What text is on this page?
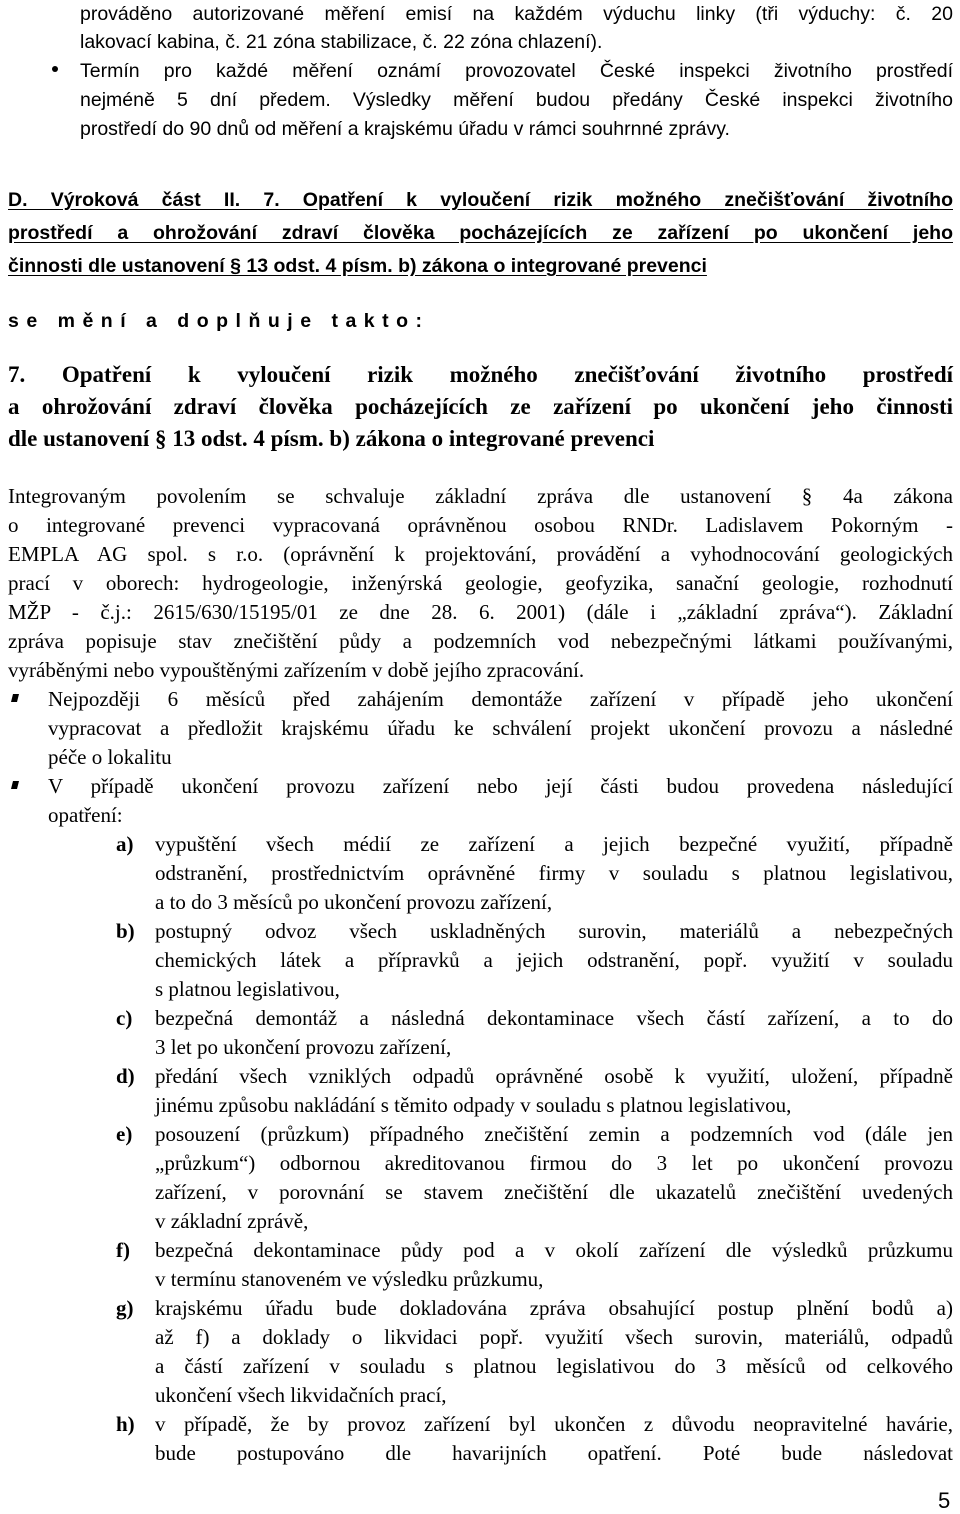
prováděno autorizované měření emisí na každém výduchu linky (tři výduchy: č. 20
lakovací kabina, č. 21 zóna stabilizace, č. 22 zóna chlazení).
Termín pro každé měření oznámí provozovatel České inspekci životního prostředí
nejméně 5 dní předem. Výsledky měření budou předány České inspekci životního
prostředí do 90 dnů od měření a krajskému úřadu v rámci souhrnné zprávy.
D. Výroková část II. 7. Opatření k vyloučení rizik možného znečišťování životního
prostředí a ohrožování zdraví člověka pocházejících ze zařízení po ukončení jeho
činnosti dle ustanovení § 13 odst. 4 písm. b) zákona o integrované prevenci
se mění a doplňuje takto:
7. Opatření k vyloučení rizik možného znečišťování životního prostředí
a ohrožování zdraví člověka pocházejících ze zařízení po ukončení jeho činnosti
dle ustanovení § 13 odst. 4 písm. b) zákona o integrované prevenci
Integrovaným povolením se schvaluje základní zpráva dle ustanovení § 4a zákona
o integrované prevenci vypracovaná oprávněnou osobou RNDr. Ladislavem Pokorným -
EMPLA AG spol. s r.o. (oprávnění k projektování, provádění a vyhodnocování geologických
prací v oborech: hydrogeologie, inženýrská geologie, geofyzika, sanační geologie, rozhodnutí
MŽP - č.j.: 2615/630/15195/01 ze dne 28. 6. 2001) (dále i „základní zpráva“). Základní
zpráva popisuje stav znečištění půdy a podzemních vod nebezpečnými látkami používanými,
vyráběnými nebo vypouštěnými zařízením v době jejího zpracování.
Nejpozději 6 měsíců před zahájením demontáže zařízení v případě jeho ukončení
vypracovat a předložit krajskému úřadu ke schválení projekt ukončení provozu a následné
péče o lokalitu
V případě ukončení provozu zařízení nebo její části budou provedena následující
opatření:
a) vypuštění všech médií ze zařízení a jejich bezpečné využití, případně
odstranění, prostřednictvím oprávněné firmy v souladu s platnou legislativou,
a to do 3 měsíců po ukončení provozu zařízení,
b) postupný odvoz všech uskladněných surovin, materiálů a nebezpečných
chemických látek a přípravků a jejich odstranění, popř. využití v souladu
s platnou legislativou,
c) bezpečná demontáž a následná dekontaminace všech částí zařízení, a to do
3 let po ukončení provozu zařízení,
d) předání všech vzniklých odpadů oprávněné osobě k využití, uložení, případně
jinému způsobu nakládání s těmito odpady v souladu s platnou legislativou,
e) posouzení (průzkum) případného znečištění zemin a podzemních vod (dále jen
„průzkum“) odbornou akreditovanou firmou do 3 let po ukončení provozu
zařízení, v porovnání se stavem znečištění dle ukazatelů znečištění uvedených
v základní zprávě,
f) bezpečná dekontaminace půdy pod a v okolí zařízení dle výsledků průzkumu
v termínu stanoveném ve výsledku průzkumu,
g) krajskému úřadu bude dokladována zpráva obsahující postup plnění bodů a)
až f) a doklady o likvidaci popř. využití všech surovin, materiálů, odpadů
a částí zařízení v souladu s platnou legislativou do 3 měsíců od celkového
ukončení všech likvidačních prací,
h) v případě, že by provoz zařízení byl ukončen z důvodu neopravitelné havárie,
bude postupováno dle havarijních opatření. Poté bude následovat
5
